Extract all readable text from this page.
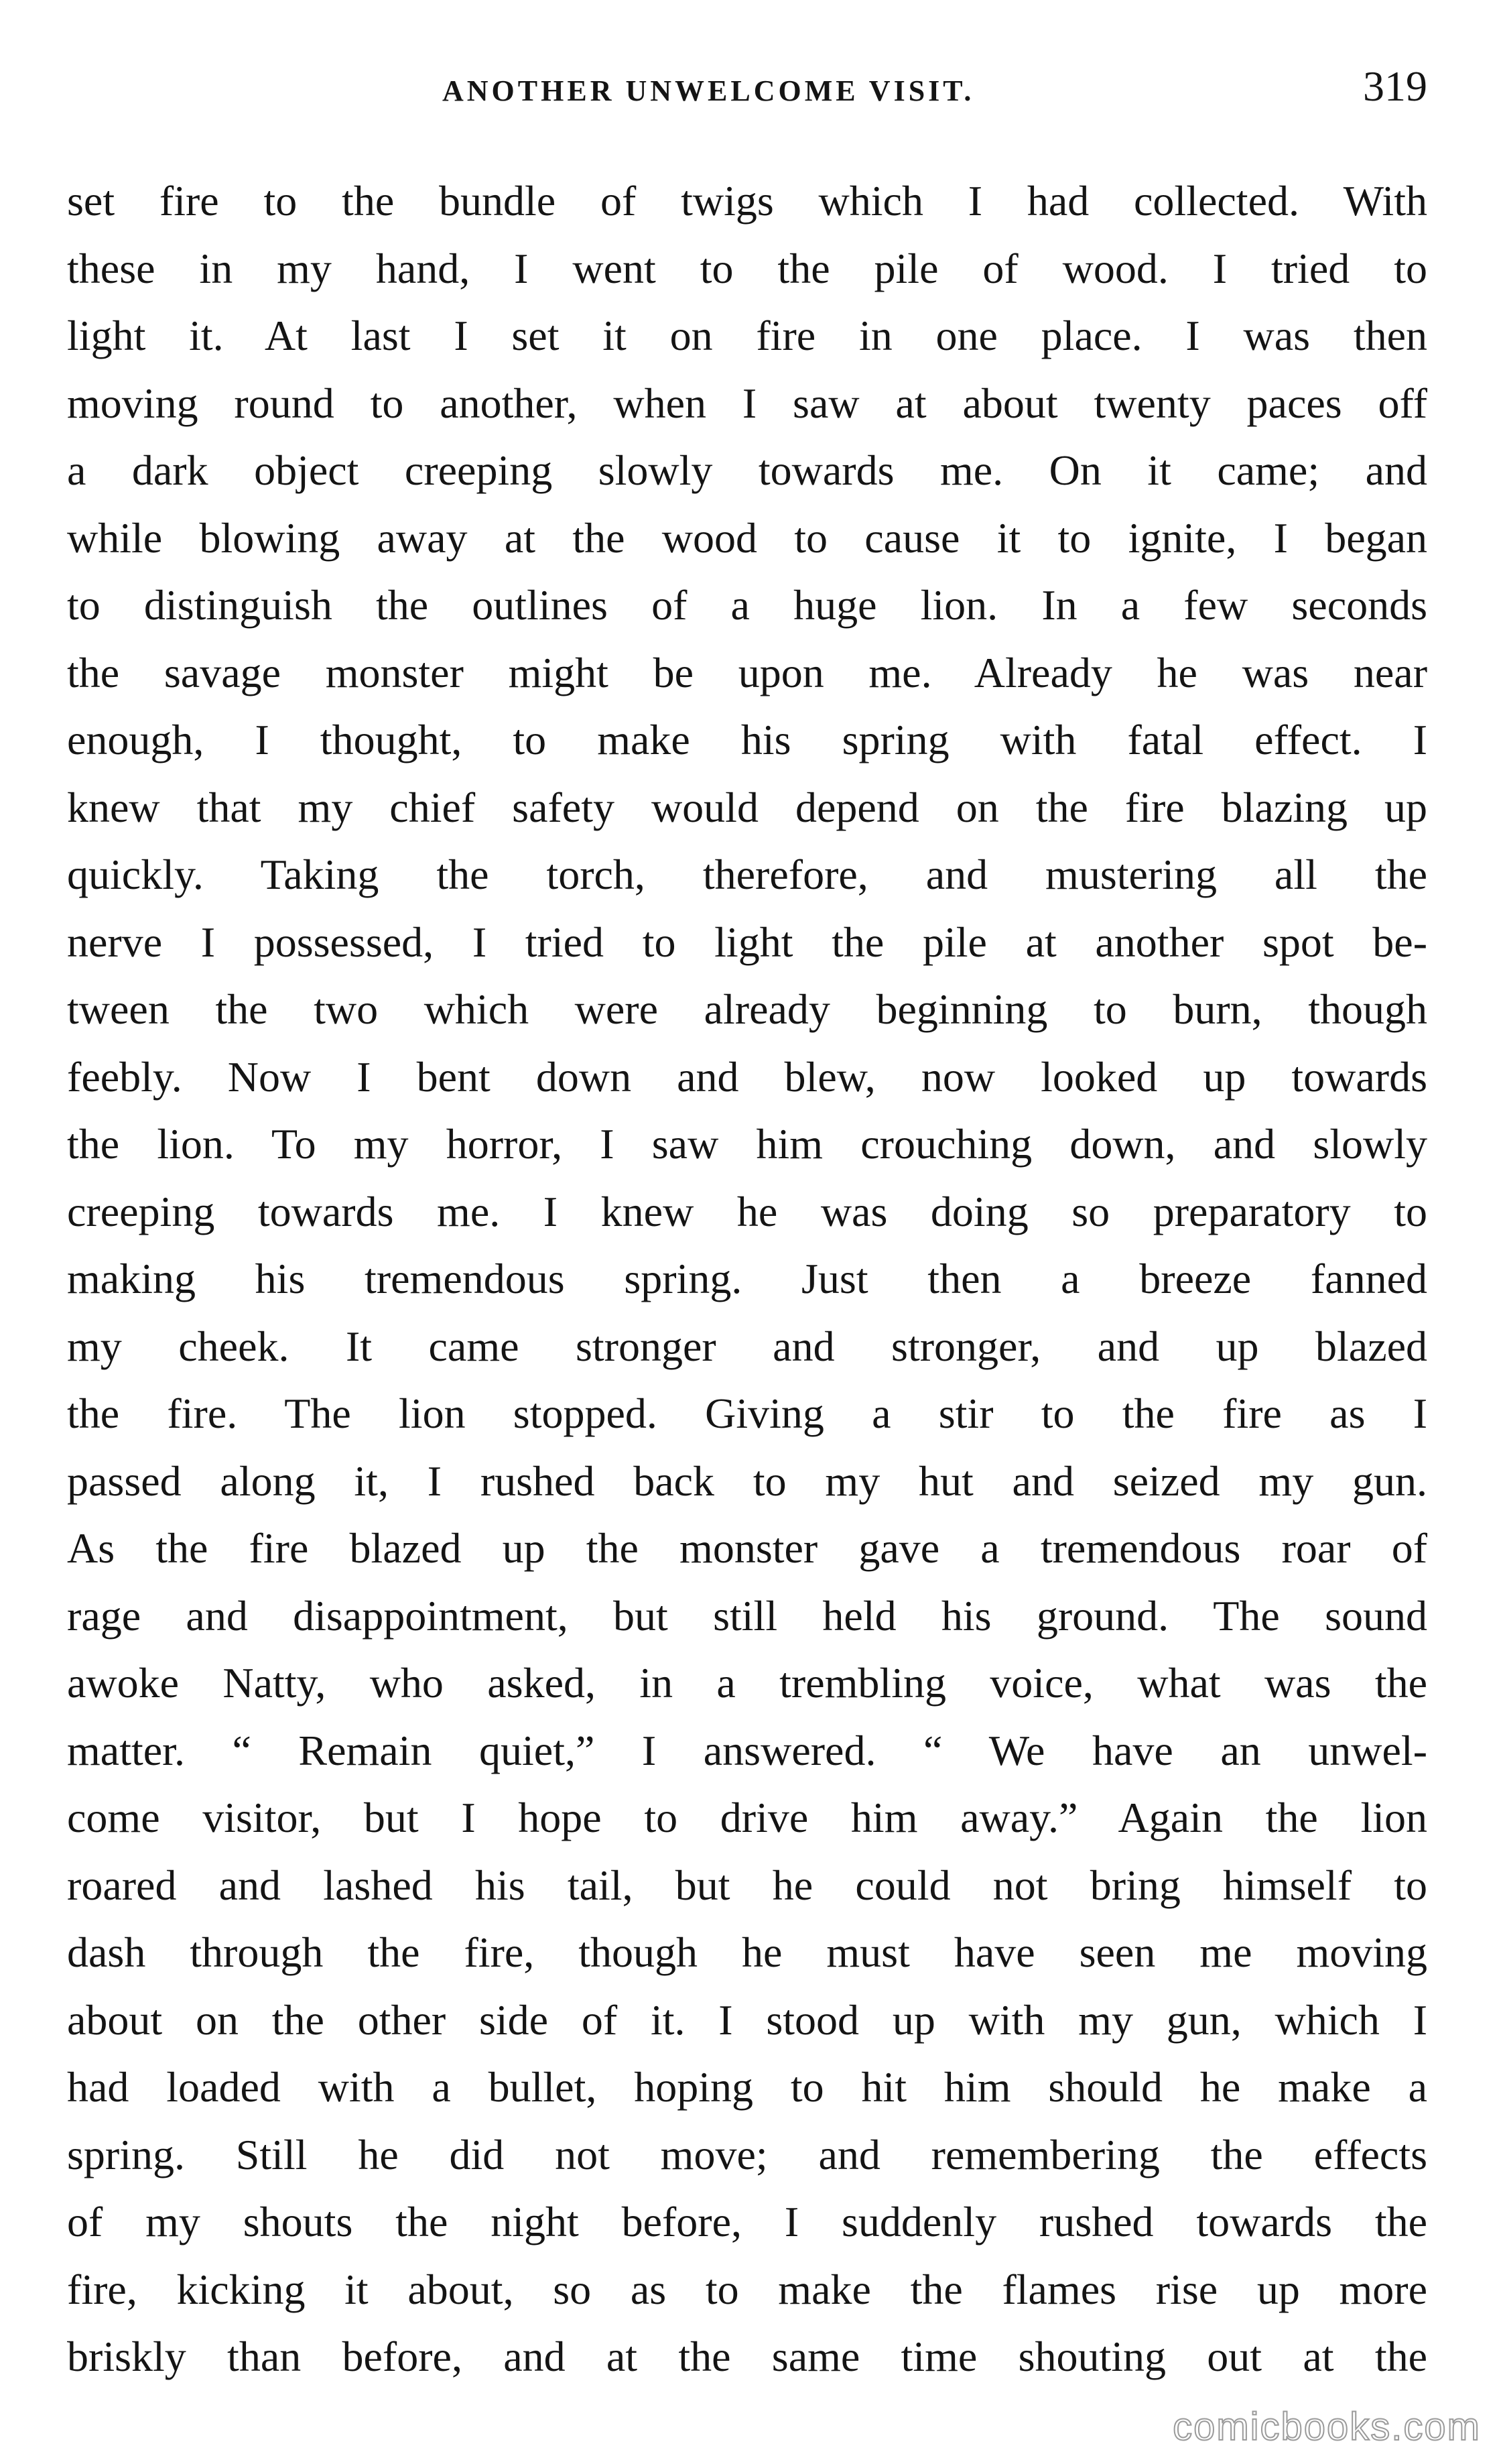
ANOTHER UNWELCOME VISIT.	319
set fire to the bundle of twigs which I had collected. With
these in my hand, I went to the pile of wood. I tried to
light it. At last I set it on fire in one place. I was then
moving round to another, when I saw at about twenty paces off
a dark object creeping slowly towards me. On it came; and
while blowing away at the wood to cause it to ignite, I began
to distinguish the outlines of a huge lion. In a few seconds
the savage monster might be upon me. Already he was near
enough, I thought, to make his spring with fatal effect. I
knew that my chief safety would depend on the fire blazing up
quickly. Taking the torch, therefore, and mustering all the
nerve I possessed, I tried to light the pile at another spot be-
tween the two which were already beginning to burn, though
feebly. Now I bent down and blew, now looked up towards
the lion. To my horror, I saw him crouching down, and slowly
creeping towards me. I knew he was doing so preparatory to
making his tremendous spring. Just then a breeze fanned
my cheek. It came stronger and stronger, and up blazed
the fire. The lion stopped. Giving a stir to the fire as I
passed along it, I rushed back to my hut and seized my gun.
As the fire blazed up the monster gave a tremendous roar of
rage and disappointment, but still held his ground. The sound
awoke Natty, who asked, in a trembling voice, what was the
matter. “ Remain quiet,” I answered. “ We have an unwel-
come visitor, but I hope to drive him away.” Again the lion
roared and lashed his tail, but he could not bring himself to
dash through the fire, though he must have seen me moving
about on the other side of it. I stood up with my gun, which I
had loaded with a bullet, hoping to hit him should he make a
spring. Still he did not move; and remembering the effects
of my shouts the night before, I suddenly rushed towards the
fire, kicking it about, so as to make the flames rise up more
briskly than before, and at the same time shouting out at the
comicbooks.com
